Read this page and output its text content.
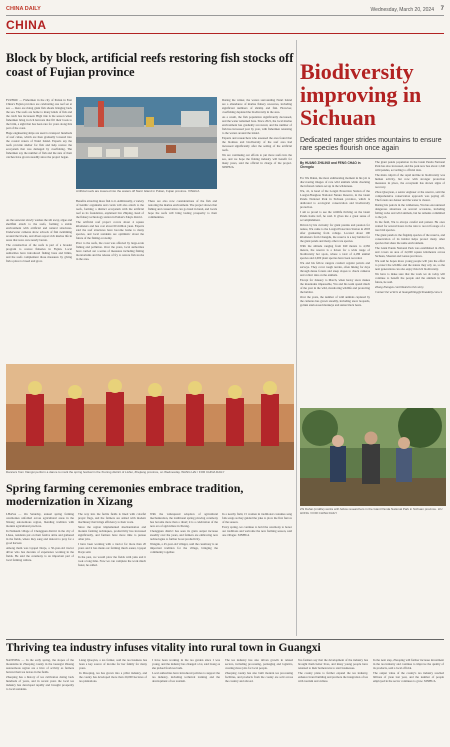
CHINA DAILY	Wednesday, March 20, 2024 7
CHINA
Block by block, artificial reefs restoring fish stocks off coast of Fujian province

FUZHOU — Fishermen in the city of Putian in East China's Fujian province are celebrating one reef set at sea — there are rising giant fish shoals bringing back the sea. The reefs are home to many kinds of fish and the catch has increased. High tide is the season when fishermen bring in rich harvests that fill their boats to the brim, a sight that has been rare for years along this part of the coast.

Huge engineering ships are used to transport hundreds of reef cubes, which are then gradually lowered into the coastal waters of Nanri Island. Experts say the reefs provide shelter for fish and help restore the ecosystem that was damaged by overfishing. The fishermen say the number of fish and the size of their catches have grown steadily since the project began.

As the seawater slowly washes the silt away, algae and shellfish attach to the reefs, forming a stable environment with artificial and natural structures. Underwater cameras show schools of fish swimming around the blocks, and divers report rich marine life in areas that were once nearly barren.

The construction of the reefs is part of a broader program to restore fisheries in Fujian. Local authorities have introduced fishing bans and limits, and the reefs complement those measures by giving fish a place to breed and grow.

Artificial reefs are lowered into the waters off Nanri Island in Putian, Fujian province. XINHUA

Benefits attracting more fish to it. Additionally, a variety of benthic organisms and corals will also attach to the reefs, forming a distinct ecosystem with the artificial reef as its foundation, explained Lin Zhiping, head of the fishery technology station in Putian's Xiuyu district.

The artificial reef project covers about 4 square kilometers and has cost about 60 million yuan. Experts said the reef structures have become home to many species, and local residents are optimistic about the future of the fishing economy.

Prior to the reefs, the coast was affected by large-scale fishing and pollution. Over the years, local authorities have carried out a series of measures including fishing moratoriums and the release of fry to restore fish stocks in the area.

There are also now considerations of the fish and restoring the marine environment. The project shows that fishing and conservation can go hand in hand, and locals hope the reefs will bring lasting prosperity to their communities.

During the winter, the waters surrounding Nanri Island are a abundance of marine fishery resources, including significant numbers of shrimp and fish. However, overfishing depleted the biodiversity in the area.

As a result, the fish population significantly decreased, and the water remained bare. Since 2021, the local marine environment has gradually recovered, and the number of fish has increased year by year, with fishermen returning to the waters around the island.

Experts and researchers who assessed the area found that the biomass and biodiversity of the reef area had increased significantly after the setting of the artificial reefs.

We are continuing our efforts to put more reefs into the sea, and we hope the fishing industry will benefit for many years, said the official in charge of the project. XINHUA

Biodiversity improving in Sichuan
Dedicated ranger strides mountains to ensure rare species flourish once again
By HUANG ZHILING and FENG CHAO in Chengdu

For Wu Dahai, the most exhilarating moment in his job is discovering images of rare wild animals while checking the infrared camera set up in the wilderness.

Wu, 41, is head of the Longxi Protection Station of the Longxi-Hongkou National Nature Reserve, in the Giant Panda National Park in Sichuan province, which is dedicated to ecological conservation and biodiversity protection.

I am so proud to see the wildlife thriving on the Giant Panda home turf, he said. It gives me a great sense of accomplishment.

Driven by his curiosity for giant pandas and passion for nature, Wu came to the Longxi Protection Station in 2003 after graduating from college. Located about 190 kilometers from Chengdu, the reserve is a key habitat for the giant panda and many other rare species.

With the altitude ranging from 940 meters to 4,582 meters, the reserve is a haven for a wide range of biodiversity hot spots, where a total of 4,186 animal species and 2,000 plant species have been recorded.

Wu and his fellow rangers conduct regular patrols and surveys. They cover tough terrain, often hiking for days through dense forests and steep slopes to check cameras and collect data on the animals.

Except for January to March, when heavy snow makes the mountains impassable, Wu and his team spend much of the year in the wild, monitoring wildlife and protecting the habitat.

Over the years, the number of wild animals captured by the cameras has grown steadily, including snow leopards, golden snub-nosed monkeys and Asian black bears.

The giant panda population in the Giant Panda National Park has also increased, and the park now has about 1,340 wild pandas, according to official data.

The main culprit of the rapid decline in biodiversity was human activity, but now with stronger protection measures in place, the ecosystem has shown signs of recovery.

Zhou Qiaoyuan, a senior engineer at the reserve, said the comprehensive conservation approach was paying off. The forests are denser and the water is clearer.

During his patrols in the wilderness, Wu has encountered dangerous situations on several occasions, including falling rocks and wild animals, but he remains committed to the job.

In the field, Wu is always careful and patient. He once waited for several hours in the rain to record footage of a rare bird species.

The giant panda is the flagship species of the reserve, and conservation of its habitat helps protect many other species that share the same environment.

The Giant Panda National Park was established in 2021, and covers an area of 22,000 square kilometers across Sichuan, Shaanxi and Gansu provinces.

Wu said he hopes more young people will join the effort to protect the wildlife and the nature they rely on, so the next generations can also enjoy this rich biodiversity.

We have to make sure that the work we do today will continue to benefit the people and the animals in the future, he said.

Zhang Zhongxu contributed to this story.

Contact the writers at huangzhiling@chinadaily.com.cn

Zhi Dahai (middle) works with fellow researchers in the Giant Panda National Park in Sichuan province. LIU HONG / FOR CHINA DAILY
Dancers from Xiangxi perform a dance to mark the spring festival in the Xiuning district of Lishui, Zhejiang province, on Wednesday. WANG HAI / FOR CHINA DAILY
Spring farming ceremonies embrace tradition, modernization in Xizang

LHASA — On Saturday, annual spring farming ceremonies unfolded across agricultural areas in the Xizang autonomous region, blending tradition with modern agricultural practices.

In Namsum village of Chengguan district in the city of Lhasa, residents put on their festive attire and gathered in the fields, where they sang and danced to pray for a good harvest.

Among them was Gyapel Dorje, a 50-year-old tractor driver who has decades of experience working in the fields. He said the ceremony is an important part of local farming culture.

The way into the fertile fields is lined with colorful prayer flags, and the farmers are armed with modern machinery that brings efficiency to their work.

Since the region implemented mechanization and modern farming techniques, productivity has increased significantly, and farmers have more time to pursue other jobs.

I have been working with a tractor for more than 20 years and it has made our farming much easier, Gyapel Dorje said.

In the past, we would plow the fields with yaks and it took a long time. Now we can complete the work much faster, he added.

With the widespread adoption of agricultural mechanization, the traditional spring plowing ceremony has become more than a ritual; it is a celebration of the new era of agriculture in Xizang.

Chengguan district has seen its grain output increase steadily over the years, and farmers are embracing new technologies to further boost productivity.

Wangdu, a 45-year-old villager, said the ceremony is an important tradition for the village, bringing the community together.

In a nearby field, 15 women in traditional costumes sang folk songs as they guided the yaks to plow the first furrow of the season.

Every spring, we continue to hold the ceremony to honor our traditions and welcome the new farming season, said one villager. XINHUA

Thriving tea industry infuses vitality into rural town in Guangxi

NANNING — In the early spring, the slopes of the mountains in Zhaoping county in the Guangxi Zhuang autonomous region are a hive of activity as farmers harvest their tea leaves in the fields.

Zhaoping has a history of tea cultivation dating back hundreds of years, and in recent years the local tea industry has developed rapidly and brought prosperity to local residents.

Liang Qiaoyun, a tea farmer, said the tea business has been a key source of income for her family for many years.

In Zhaoping, tea has grown into a pillar industry, and the county has developed more than 20,000 hectares of tea plantations.

I have been working in the tea garden since I was young, and the industry has changed a lot, said Liang as she picked fresh tea buds.

Local authorities have introduced policies to support the tea industry, including technical training and the development of tea tourism.

The tea industry has also driven growth in related sectors, including processing, packaging and logistics, creating more jobs for local people.

Zhaoping county has also built modern tea processing facilities, and products from the county are sold across the country and abroad.

Tea farmers say that the development of the industry has brought them better lives, and many young people have returned to their hometowns to start businesses.

The county plans to further expand the tea industry, enhance brand building and promote the integration of tea with tourism and culture.

In the next step, Zhaoping will further increase investment in the tea industry and continue to improve the quality of its products, said a local official.

The output value of the county's tea industry reached billions of yuan last year, and the number of people employed in the sector continues to grow. XINHUA
